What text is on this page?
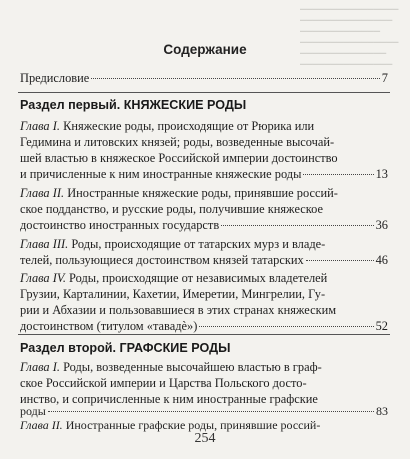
▁▁▁▁▁▁▁▁▁▁▁▁▁▁▁▁
▁▁▁▁▁▁▁▁▁▁▁▁▁▁▁
▁▁▁▁▁▁▁▁▁▁▁▁▁
▁▁▁▁▁▁▁▁▁▁▁▁▁▁▁▁
▁▁▁▁▁▁▁▁▁▁▁▁▁▁
▁▁▁▁▁▁▁▁▁▁▁▁▁▁▁
Содержание
Предисловие	7
Раздел первый. КНЯЖЕСКИЕ РОДЫ
Глава I. Княжеские роды, происходящие от Рюрика или
Гедимина и литовских князей; роды, возведенные высочай-
шей властью в княжеское Российской империи достоинство
и причисленные к ним иностранные княжеские роды	13
Глава II. Иностранные княжеские роды, принявшие россий-
ское подданство, и русские роды, получившие княжеское
достоинство иностранных государств	36
Глава III. Роды, происходящие от татарских мурз и владе-
телей, пользующиеся достоинством князей татарских	46
Глава IV. Роды, происходящие от независимых владетелей
Грузии, Карталинии, Кахетии, Имеретии, Мингрелии, Гу-
рии и Абхазии и пользовавшиеся в этих странах княжеским
достоинством (титулом «тавадѐ»)	52
Раздел второй. ГРАФСКИЕ РОДЫ
Глава I. Роды, возведенные высочайшею властью в граф-
ское Российской империи и Царства Польского досто-
инство, и сопричисленные к ним иностранные графские
254
роды	83
Глава II. Иностранные графские роды, принявшие россий-
